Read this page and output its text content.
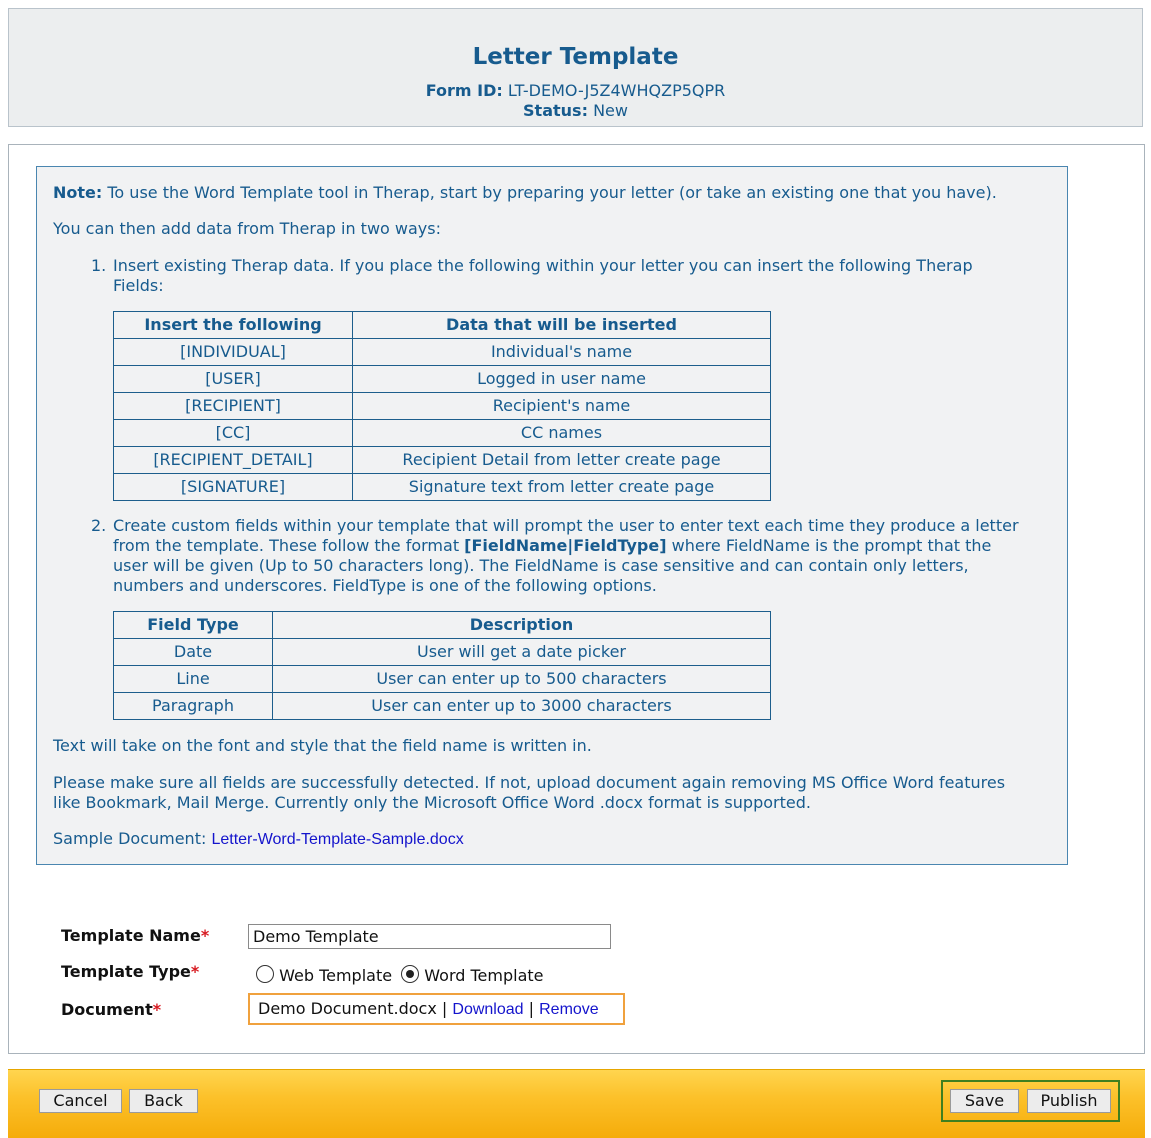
Letter Template
Form ID: LT-DEMO-J5Z4WHQZP5QPR
Status: New

Note: To use the Word Template tool in Therap, start by preparing your letter (or take an existing one that you have).

You can then add data from Therap in two ways:

1. Insert existing Therap data. If you place the following within your letter you can insert the following Therap
Fields:
Insert the following	Data that will be inserted
[INDIVIDUAL]	Individual's name
[USER]	Logged in user name
[RECIPIENT]	Recipient's name
[CC]	CC names
[RECIPIENT_DETAIL]	Recipient Detail from letter create page
[SIGNATURE]	Signature text from letter create page
2. Create custom fields within your template that will prompt the user to enter text each time they produce a letter
from the template. These follow the format [FieldName|FieldType] where FieldName is the prompt that the
user will be given (Up to 50 characters long). The FieldName is case sensitive and can contain only letters,
numbers and underscores. FieldType is one of the following options.
Field Type	Description
Date	User will get a date picker
Line	User can enter up to 500 characters
Paragraph	User can enter up to 3000 characters

Text will take on the font and style that the field name is written in.

Please make sure all fields are successfully detected. If not, upload document again removing MS Office Word features

like Bookmark, Mail Merge. Currently only the Microsoft Office Word .docx format is supported.

Sample Document: Letter-Word-Template-Sample.docx

Template Name*
Demo Template
Template Type*	Web Template Word Template
Document*	Demo Document.docx | Download | Remove
Cancel	Back	Save	Publish
